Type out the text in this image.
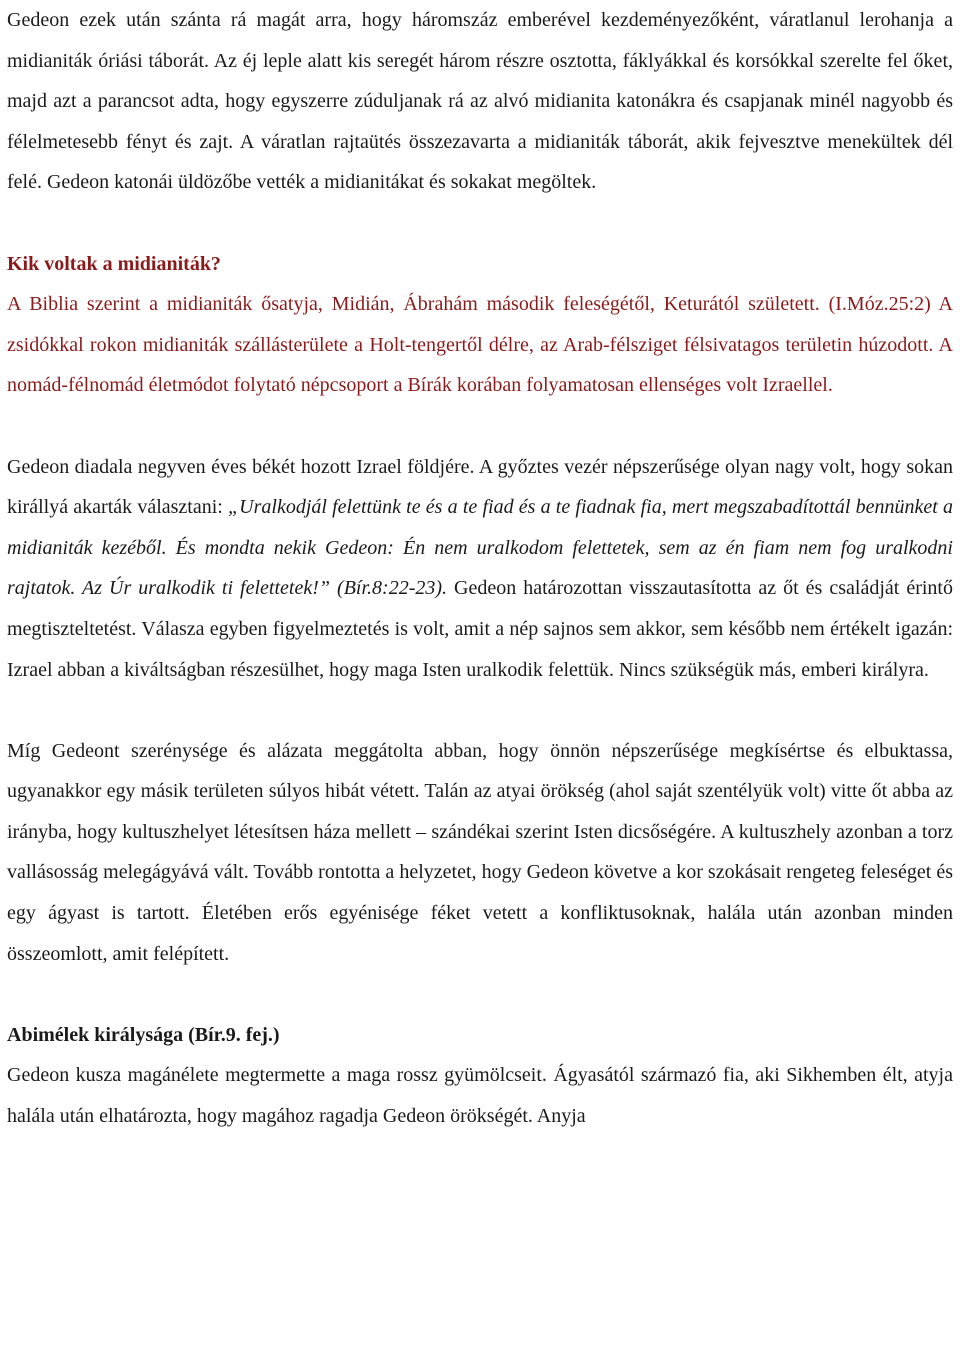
Gedeon ezek után szánta rá magát arra, hogy háromszáz emberével kezdeményezőként, váratlanul lerohanja a midianiták óriási táborát. Az éj leple alatt kis seregét három részre osztotta, fáklyákkal és korsókkal szerelte fel őket, majd azt a parancsot adta, hogy egyszerre zúduljanak rá az alvó midianita katonákra és csapjanak minél nagyobb és félelmetesebb fényt és zajt. A váratlan rajtaütés összezavarta a midianiták táborát, akik fejvesztve menekültek dél felé. Gedeon katonái üldözőbe vették a midianitákat és sokakat megöltek.

Kik voltak a midianiták?

A Biblia szerint a midianiták ősatyja, Midián, Ábrahám második feleségétől, Keturától született. (I.Móz.25:2) A zsidókkal rokon midianiták szállásterülete a Holt-tengertől délre, az Arab-félsziget félsivatagos területin húzodott. A nomád-félnomád életmódot folytató népcsoport a Bírák korában folyamatosan ellenséges volt Izraellel.

Gedeon diadala negyven éves békét hozott Izrael földjére. A győztes vezér népszerűsége olyan nagy volt, hogy sokan királlyá akarták választani: „Uralkodjál felettünk te és a te fiad és a te fiadnak fia, mert megszabadítottál bennünket a midianiták kezéből. És mondta nekik Gedeon: Én nem uralkodom felettetek, sem az én fiam nem fog uralkodni rajtatok. Az Úr uralkodik ti felettetek!” (Bír.8:22-23). Gedeon határozottan visszautasította az őt és családját érintő megtiszteltetést. Válasza egyben figyelmeztetés is volt, amit a nép sajnos sem akkor, sem később nem értékelt igazán: Izrael abban a kiváltságban részesülhet, hogy maga Isten uralkodik felettük. Nincs szükségük más, emberi királyra.

Míg Gedeont szerénysége és alázata meggátolta abban, hogy önnön népszerűsége megkísértse és elbuktassa, ugyanakkor egy másik területen súlyos hibát vétett. Talán az atyai örökség (ahol saját szentélyük volt) vitte őt abba az irányba, hogy kultuszhelyet létesítsen háza mellett – szándékai szerint Isten dicsőségére. A kultuszhely azonban a torz vallásosság melegágyává vált. Tovább rontotta a helyzetet, hogy Gedeon követve a kor szokásait rengeteg feleséget és egy ágyast is tartott. Életében erős egyénisége féket vetett a konfliktusoknak, halála után azonban minden összeomlott, amit felépített.

Abimélek királysága (Bír.9. fej.)

Gedeon kusza magánélete megtermette a maga rossz gyümölcseit. Ágyasától származó fia, aki Sikhemben élt, atyja halála után elhatározta, hogy magához ragadja Gedeon örökségét. Anyja
